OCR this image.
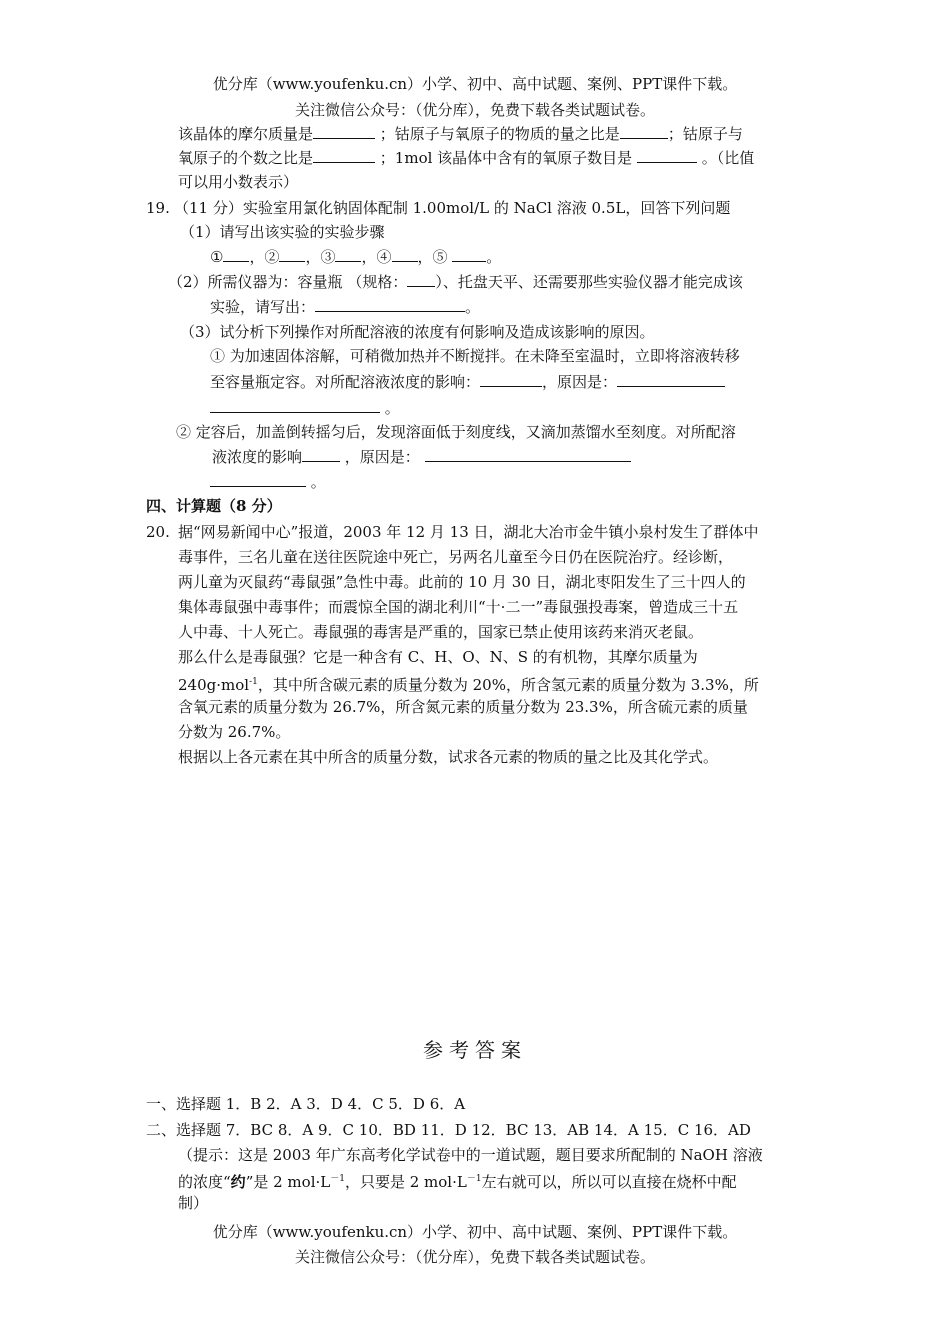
优分库（www.youfenku.cn）小学、初中、高中试题、案例、PPT课件下载。
关注微信公众号：（优分库），免费下载各类试题试卷。
该晶体的摩尔质量是	；钴原子与氧原子的物质的量之比是	；钴原子与
氧原子的个数之比是	；1mol 该晶体中含有的氧原子数目是	。（比值
可以用小数表示）
19. （11 分）实验室用氯化钠固体配制 1.00mol/L 的 NaCl 溶液 0.5L，回答下列问题
（1）请写出该实验的实验步骤
① ，② ，③ ，④ ，⑤	。
（2）所需仪器为：容量瓶 （规格： ）、托盘天平、还需要那些实验仪器才能完成该
实验，请写出：	。
（3）试分析下列操作对所配溶液的浓度有何影响及造成该影响的原因。
① 为加速固体溶解，可稍微加热并不断搅拌。在未降至室温时，立即将溶液转移
至容量瓶定容。对所配溶液浓度的影响：	，原因是：
。
② 定容后，加盖倒转摇匀后，发现溶面低于刻度线，又滴加蒸馏水至刻度。对所配溶
液浓度的影响	，原因是：
。
四、计算题（8 分）
20. 据“网易新闻中心”报道，2003 年 12 月 13 日，湖北大冶市金牛镇小泉村发生了群体中
毒事件，三名儿童在送往医院途中死亡，另两名儿童至今日仍在医院治疗。经诊断，
两儿童为灭鼠药“毒鼠强”急性中毒。此前的 10 月 30 日，湖北枣阳发生了三十四人的
集体毒鼠强中毒事件；而震惊全国的湖北利川“十·二一”毒鼠强投毒案，曾造成三十五
人中毒、十人死亡。毒鼠强的毒害是严重的，国家已禁止使用该药来消灭老鼠。
那么什么是毒鼠强？它是一种含有 C、H、O、N、S 的有机物，其摩尔质量为
240g·mol$^{-1}$，其中所含碳元素的质量分数为 20%，所含氢元素的质量分数为 3.3%，所
含氧元素的质量分数为 26.7%，所含氮元素的质量分数为 23.3%，所含硫元素的质量
分数为 26.7%。
根据以上各元素在其中所含的质量分数，试求各元素的物质的量之比及其化学式。
参考答案
一、选择题 1．B 2．A 3．D 4．C 5．D 6．A
二、选择题 7．BC 8．A 9．C 10．BD 11．D 12．BC 13．AB 14．A 15．C 16．AD
（提示：这是 2003 年广东高考化学试卷中的一道试题，题目要求所配制的 NaOH 溶液
的浓度“约”是 2 $mol\cdot L^{-1}$，只要是 2 $mol\cdot L^{-1}$左右就可以，所以可以直接在烧杯中配
制）
优分库（www.youfenku.cn）小学、初中、高中试题、案例、PPT课件下载。
关注微信公众号：（优分库），免费下载各类试题试卷。
